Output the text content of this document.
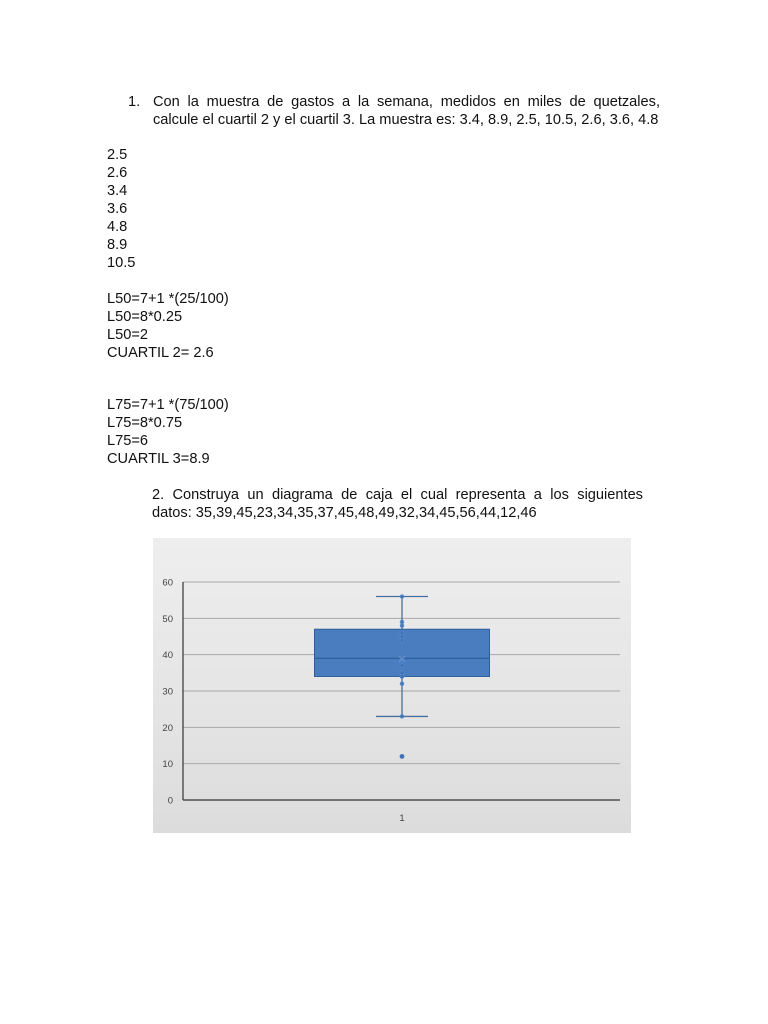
1. Con la muestra de gastos a la semana, medidos en miles de quetzales, calcule el cuartil 2 y el cuartil 3. La muestra es: 3.4, 8.9, 2.5, 10.5, 2.6, 3.6, 4.8
2.5
2.6
3.4
3.6
4.8
8.9
10.5
L50=7+1 *(25/100)
L50=8*0.25
L50=2
CUARTIL 2= 2.6
L75=7+1 *(75/100)
L75=8*0.75
L75=6
CUARTIL 3=8.9
2. Construya un diagrama de caja el cual representa a los siguientes
datos: 35,39,45,23,34,35,37,45,48,49,32,34,45,56,44,12,46
0
10
20
30
40
50
60
1
